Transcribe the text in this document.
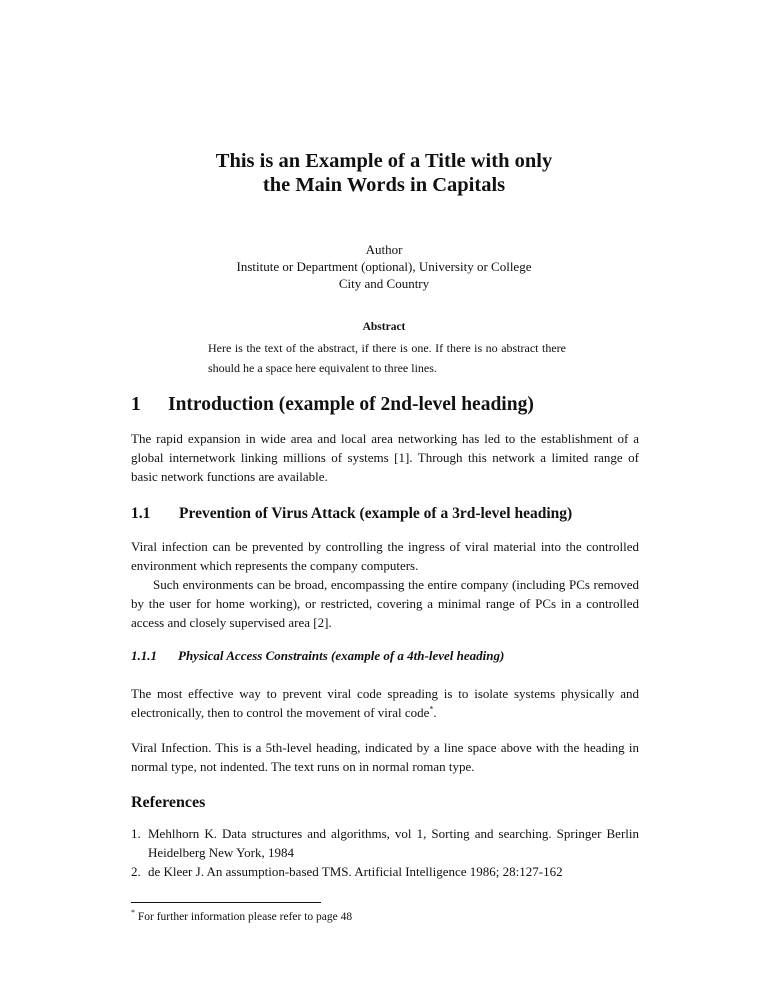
This is an Example of a Title with only
the Main Words in Capitals

Author

Institute or Department (optional), University or College

City and Country

Abstract

Here is the text of the abstract, if there is one. If there is no abstract there should he a space here equivalent to three lines.

1 Introduction (example of 2nd-level heading)

The rapid expansion in wide area and local area networking has led to the establishment of a global internetwork linking millions of systems [1]. Through this network a limited range of basic network functions are available.

1.1 Prevention of Virus Attack (example of a 3rd-level heading)

Viral infection can be prevented by controlling the ingress of viral material into the controlled environment which represents the company computers.

Such environments can be broad, encompassing the entire company (including PCs removed by the user for home working), or restricted, covering a minimal range of PCs in a controlled access and closely supervised area [2].

1.1.1 Physical Access Constraints (example of a 4th-level heading)

The most effective way to prevent viral code spreading is to isolate systems physically and electronically, then to control the movement of viral code*.

Viral Infection. This is a 5th-level heading, indicated by a line space above with the heading in normal type, not indented. The text runs on in normal roman type.

References
1. Mehlhorn K. Data structures and algorithms, vol 1, Sorting and searching. Springer Berlin Heidelberg New York, 1984
2. de Kleer J. An assumption-based TMS. Artificial Intelligence 1986; 28:127-162

* For further information please refer to page 48
